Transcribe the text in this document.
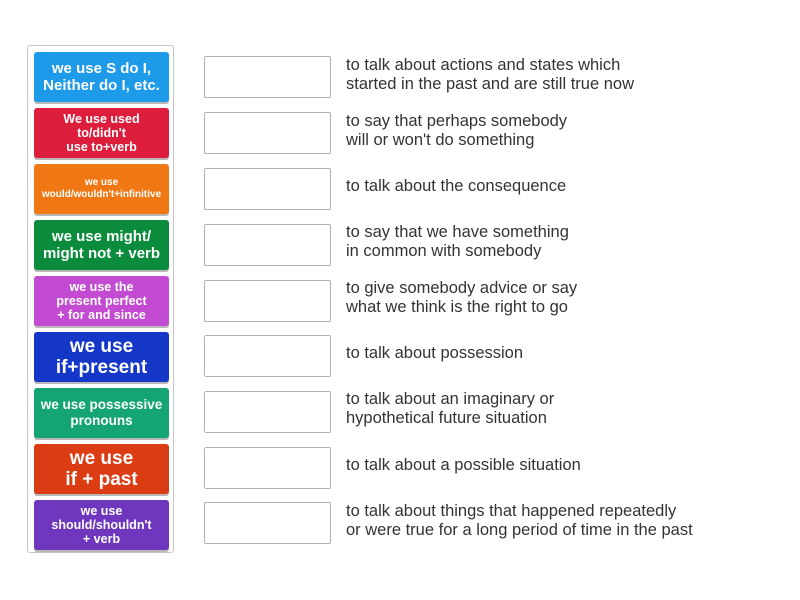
we use S do I,
Neither do I, etc.
We use used
to/didn't
use to+verb
we use
would/wouldn't+infinitive
we use might/
might not + verb
we use the
present perfect
+ for and since
we use
if+present
we use possessive
pronouns
we use
if + past
we use
should/shouldn't
+ verb
to talk about actions and states which
started in the past and are still true now
to say that perhaps somebody
will or won't do something
to talk about the consequence
to say that we have something
in common with somebody
to give somebody advice or say
what we think is the right to go
to talk about possession
to talk about an imaginary or
hypothetical future situation
to talk about a possible situation
to talk about things that happened repeatedly
or were true for a long period of time in the past
